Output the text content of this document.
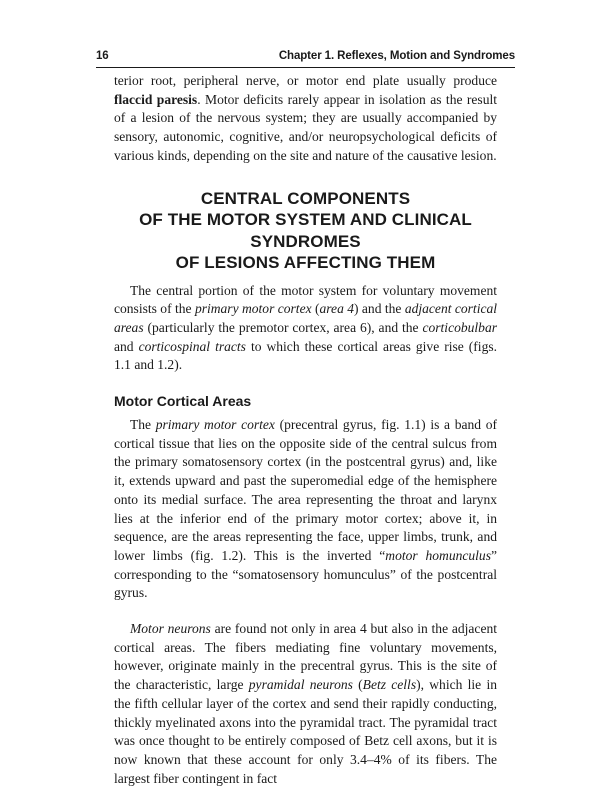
16	Chapter 1. Reflexes, Motion and Syndromes

terior root, peripheral nerve, or motor end plate usually produce flaccid paresis. Motor deficits rarely appear in isolation as the result of a lesion of the nervous system; they are usually accompanied by sensory, autonomic, cognitive, and/or neuropsychological deficits of various kinds, depending on the site and nature of the causative lesion.

CENTRAL COMPONENTS
OF THE MOTOR SYSTEM AND CLINICAL SYNDROMES
OF LESIONS AFFECTING THEM

The central portion of the motor system for voluntary movement consists of the primary motor cortex (area 4) and the adjacent cortical areas (particularly the premotor cortex, area 6), and the corticobulbar and corticospinal tracts to which these cortical areas give rise (figs. 1.1 and 1.2).

Motor Cortical Areas

The primary motor cortex (precentral gyrus, fig. 1.1) is a band of cortical tissue that lies on the opposite side of the central sulcus from the primary somatosensory cortex (in the postcentral gyrus) and, like it, extends upward and past the superomedial edge of the hemisphere onto its medial surface. The area representing the throat and larynx lies at the inferior end of the primary motor cortex; above it, in sequence, are the areas representing the face, upper limbs, trunk, and lower limbs (fig. 1.2). This is the inverted “motor homunculus” corresponding to the “somatosensory homunculus” of the postcentral gyrus.

Motor neurons are found not only in area 4 but also in the adjacent cortical areas. The fibers mediating fine voluntary movements, however, originate mainly in the precentral gyrus. This is the site of the characteristic, large pyramidal neurons (Betz cells), which lie in the fifth cellular layer of the cortex and send their rapidly conducting, thickly myelinated axons into the pyramidal tract. The pyramidal tract was once thought to be entirely composed of Betz cell axons, but it is now known that these account for only 3.4–4% of its fibers. The largest fiber contingent in fact
